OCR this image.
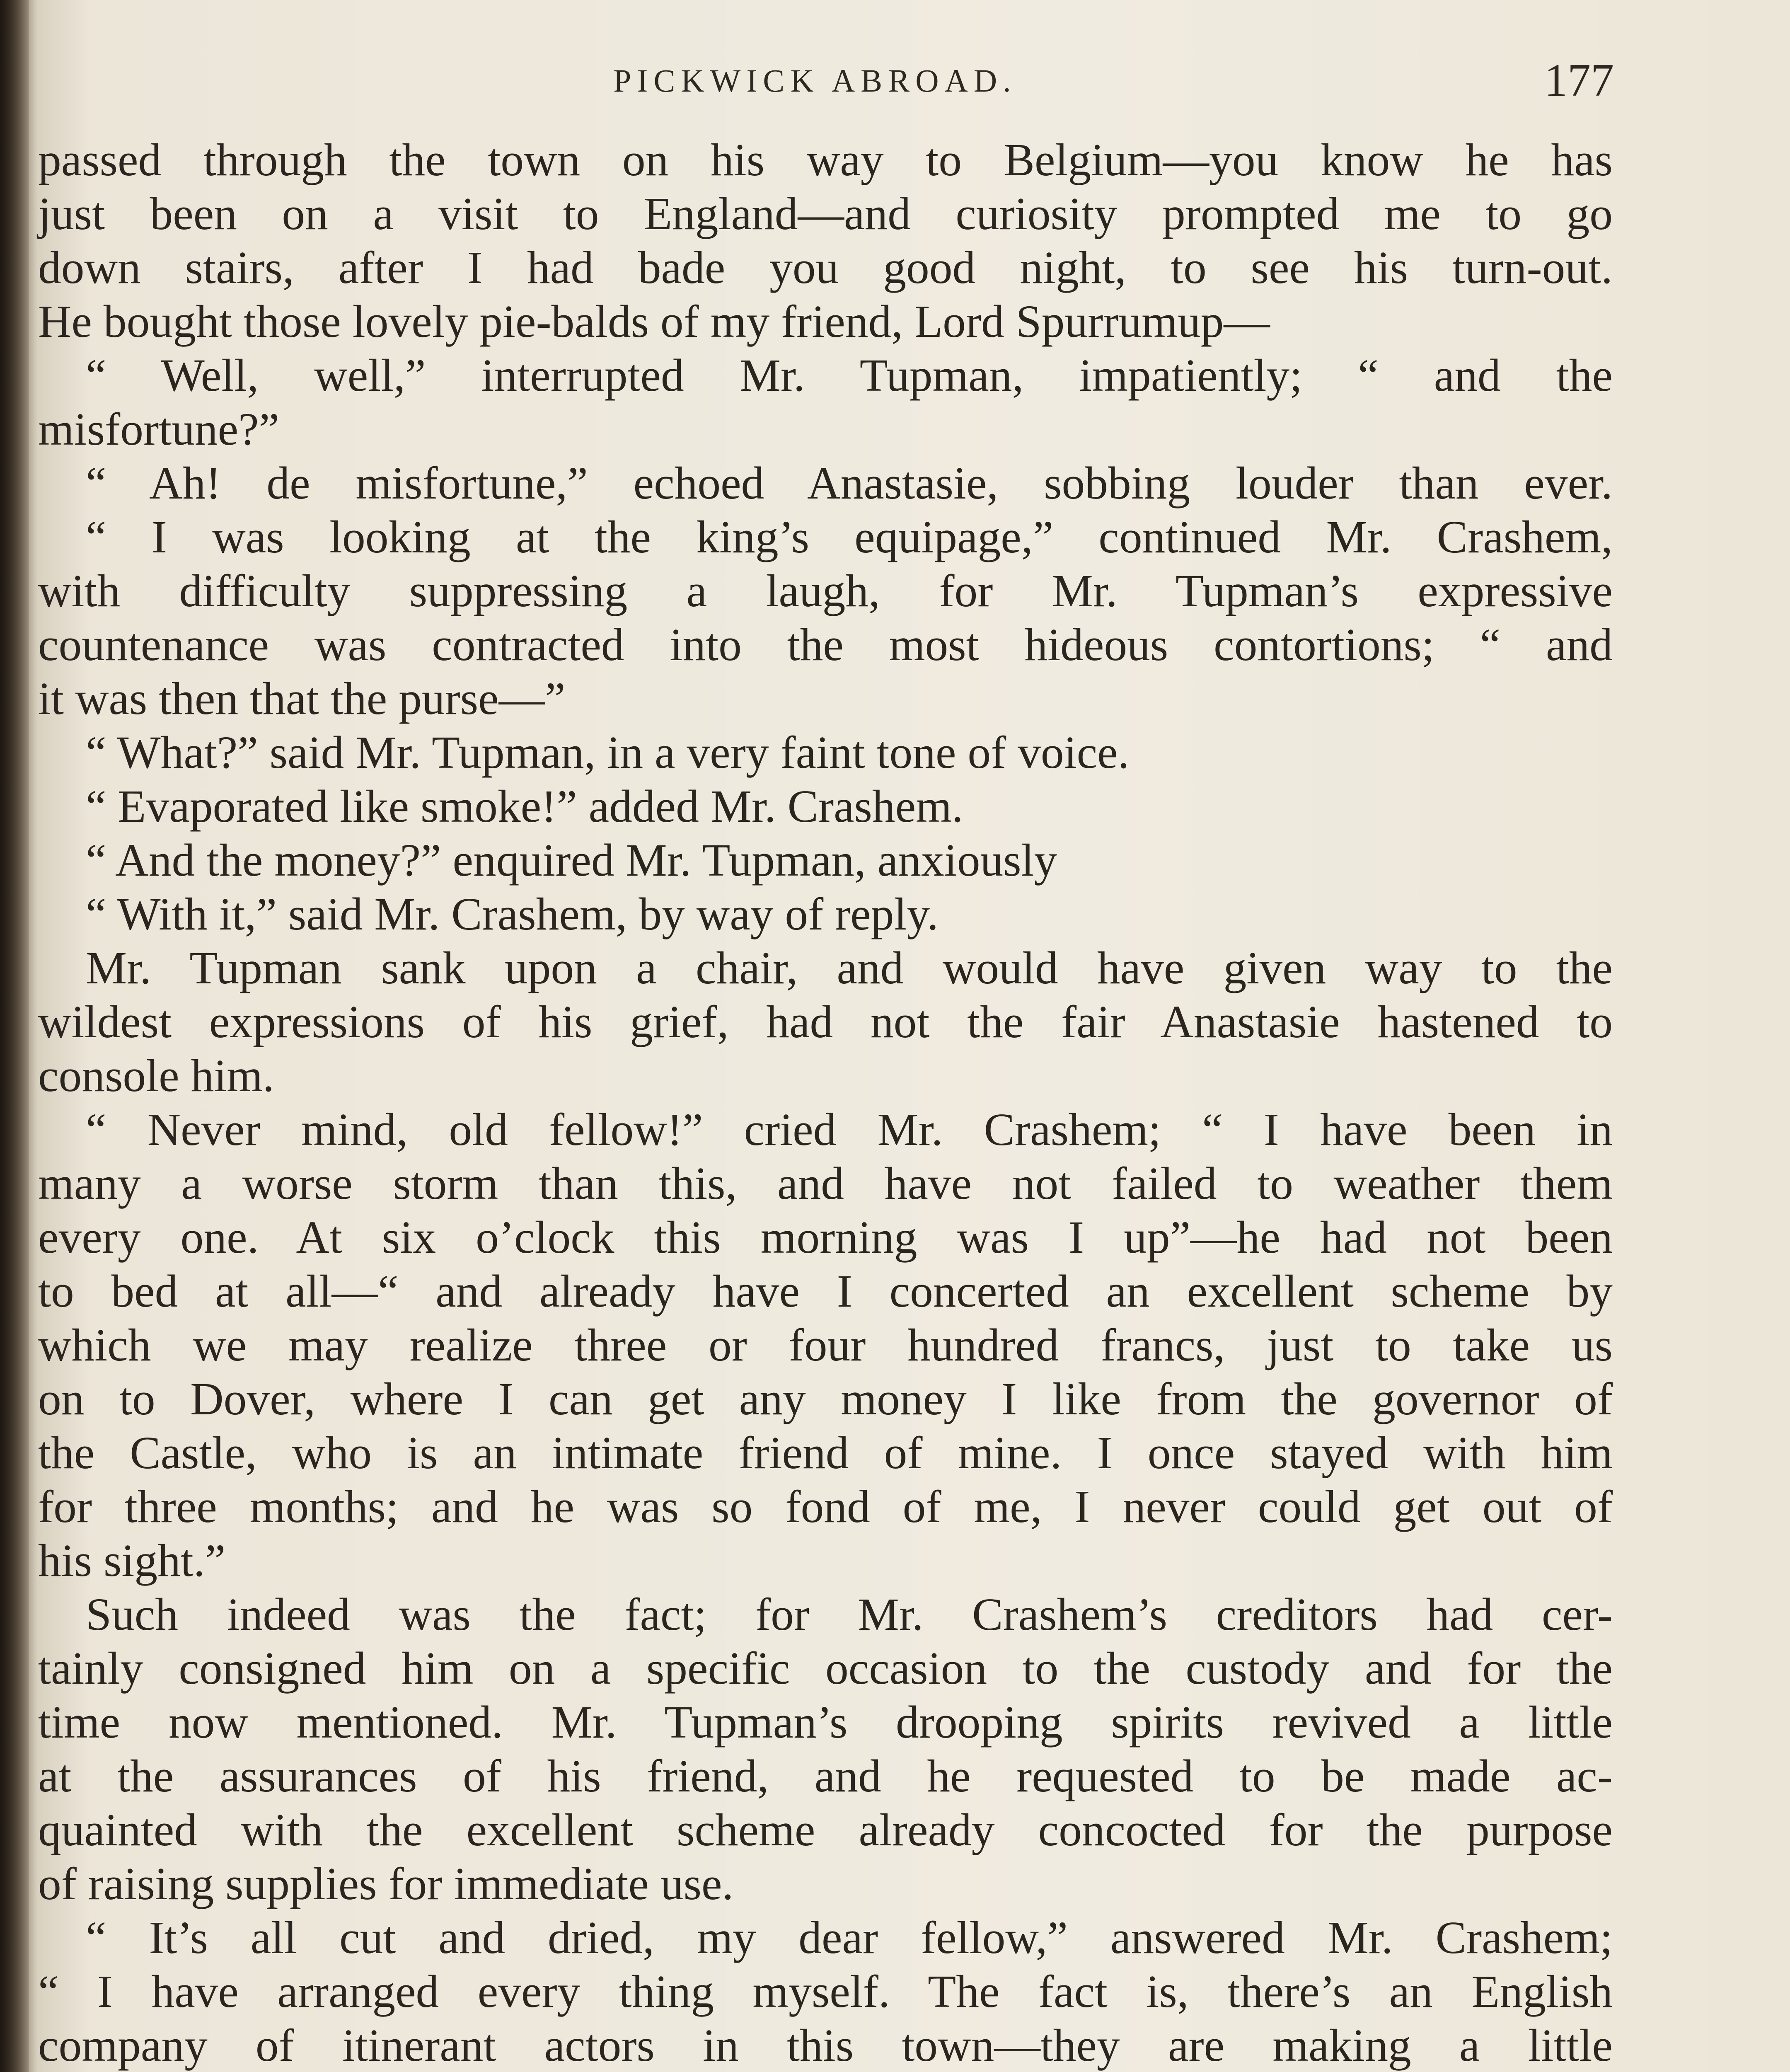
PICKWICK ABROAD.	177
passed through the town on his way to Belgium—you know he has
just been on a visit to England—and curiosity prompted me to go
down stairs, after I had bade you good night, to see his turn-out.
He bought those lovely pie-balds of my friend, Lord Spurrumup—
“ Well, well,” interrupted Mr. Tupman, impatiently; “ and the
misfortune?”
“ Ah! de misfortune,” echoed Anastasie, sobbing louder than ever.
“ I was looking at the king’s equipage,” continued Mr. Crashem,
with difficulty suppressing a laugh, for Mr. Tupman’s expressive
countenance was contracted into the most hideous contortions; “ and
it was then that the purse—”
“ What?” said Mr. Tupman, in a very faint tone of voice.
“ Evaporated like smoke!” added Mr. Crashem.
“ And the money?” enquired Mr. Tupman, anxiously
“ With it,” said Mr. Crashem, by way of reply.
Mr. Tupman sank upon a chair, and would have given way to the
wildest expressions of his grief, had not the fair Anastasie hastened to
console him.
“ Never mind, old fellow!” cried Mr. Crashem; “ I have been in
many a worse storm than this, and have not failed to weather them
every one. At six o’clock this morning was I up”—he had not been
to bed at all—“ and already have I concerted an excellent scheme by
which we may realize three or four hundred francs, just to take us
on to Dover, where I can get any money I like from the governor of
the Castle, who is an intimate friend of mine. I once stayed with him
for three months; and he was so fond of me, I never could get out of
his sight.”
Such indeed was the fact; for Mr. Crashem’s creditors had cer-
tainly consigned him on a specific occasion to the custody and for the
time now mentioned. Mr. Tupman’s drooping spirits revived a little
at the assurances of his friend, and he requested to be made ac-
quainted with the excellent scheme already concocted for the purpose
of raising supplies for immediate use.
“ It’s all cut and dried, my dear fellow,” answered Mr. Crashem;
“ I have arranged every thing myself. The fact is, there’s an English
company of itinerant actors in this town—they are making a little
